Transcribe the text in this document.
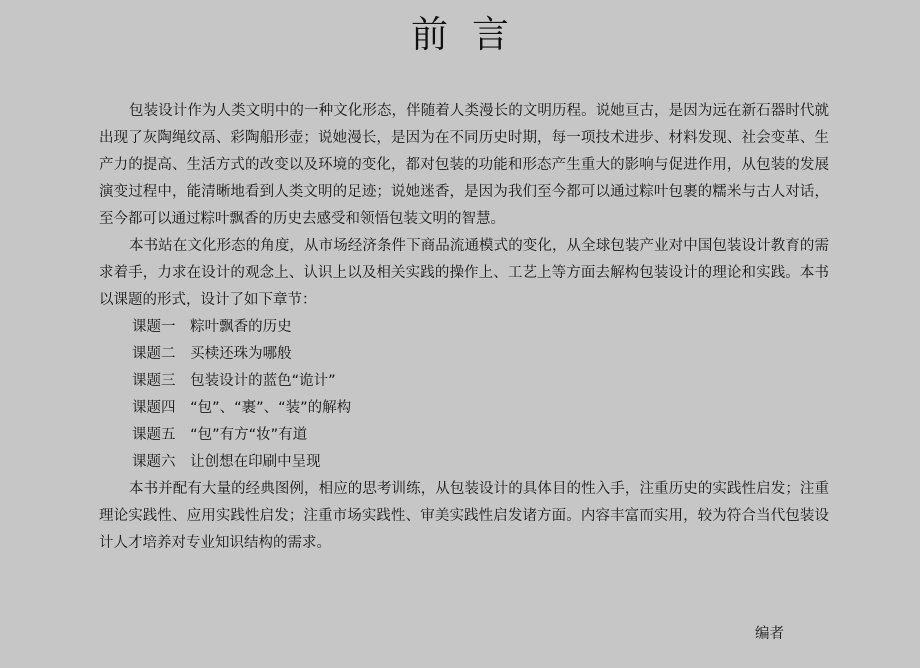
前言

包装设计作为人类文明中的一种文化形态，伴随着人类漫长的文明历程。说她亘古，是因为远在新石器时代就出现了灰陶绳纹鬲、彩陶船形壶；说她漫长，是因为在不同历史时期，每一项技术进步、材料发现、社会变革、生产力的提高、生活方式的改变以及环境的变化，都对包装的功能和形态产生重大的影响与促进作用，从包装的发展演变过程中，能清晰地看到人类文明的足迹；说她迷香，是因为我们至今都可以通过粽叶包裹的糯米与古人对话，至今都可以通过粽叶飘香的历史去感受和领悟包装文明的智慧。

本书站在文化形态的角度，从市场经济条件下商品流通模式的变化，从全球包装产业对中国包装设计教育的需求着手，力求在设计的观念上、认识上以及相关实践的操作上、工艺上等方面去解构包装设计的理论和实践。本书以课题的形式，设计了如下章节：

课题一 粽叶飘香的历史
课题二 买椟还珠为哪般
课题三 包装设计的蓝色“诡计”
课题四 “包”、“裹”、“装”的解构
课题五 “包”有方“妆”有道
课题六 让创想在印刷中呈现

本书并配有大量的经典图例，相应的思考训练，从包装设计的具体目的性入手，注重历史的实践性启发；注重理论实践性、应用实践性启发；注重市场实践性、审美实践性启发诸方面。内容丰富而实用，较为符合当代包装设计人才培养对专业知识结构的需求。

编者
